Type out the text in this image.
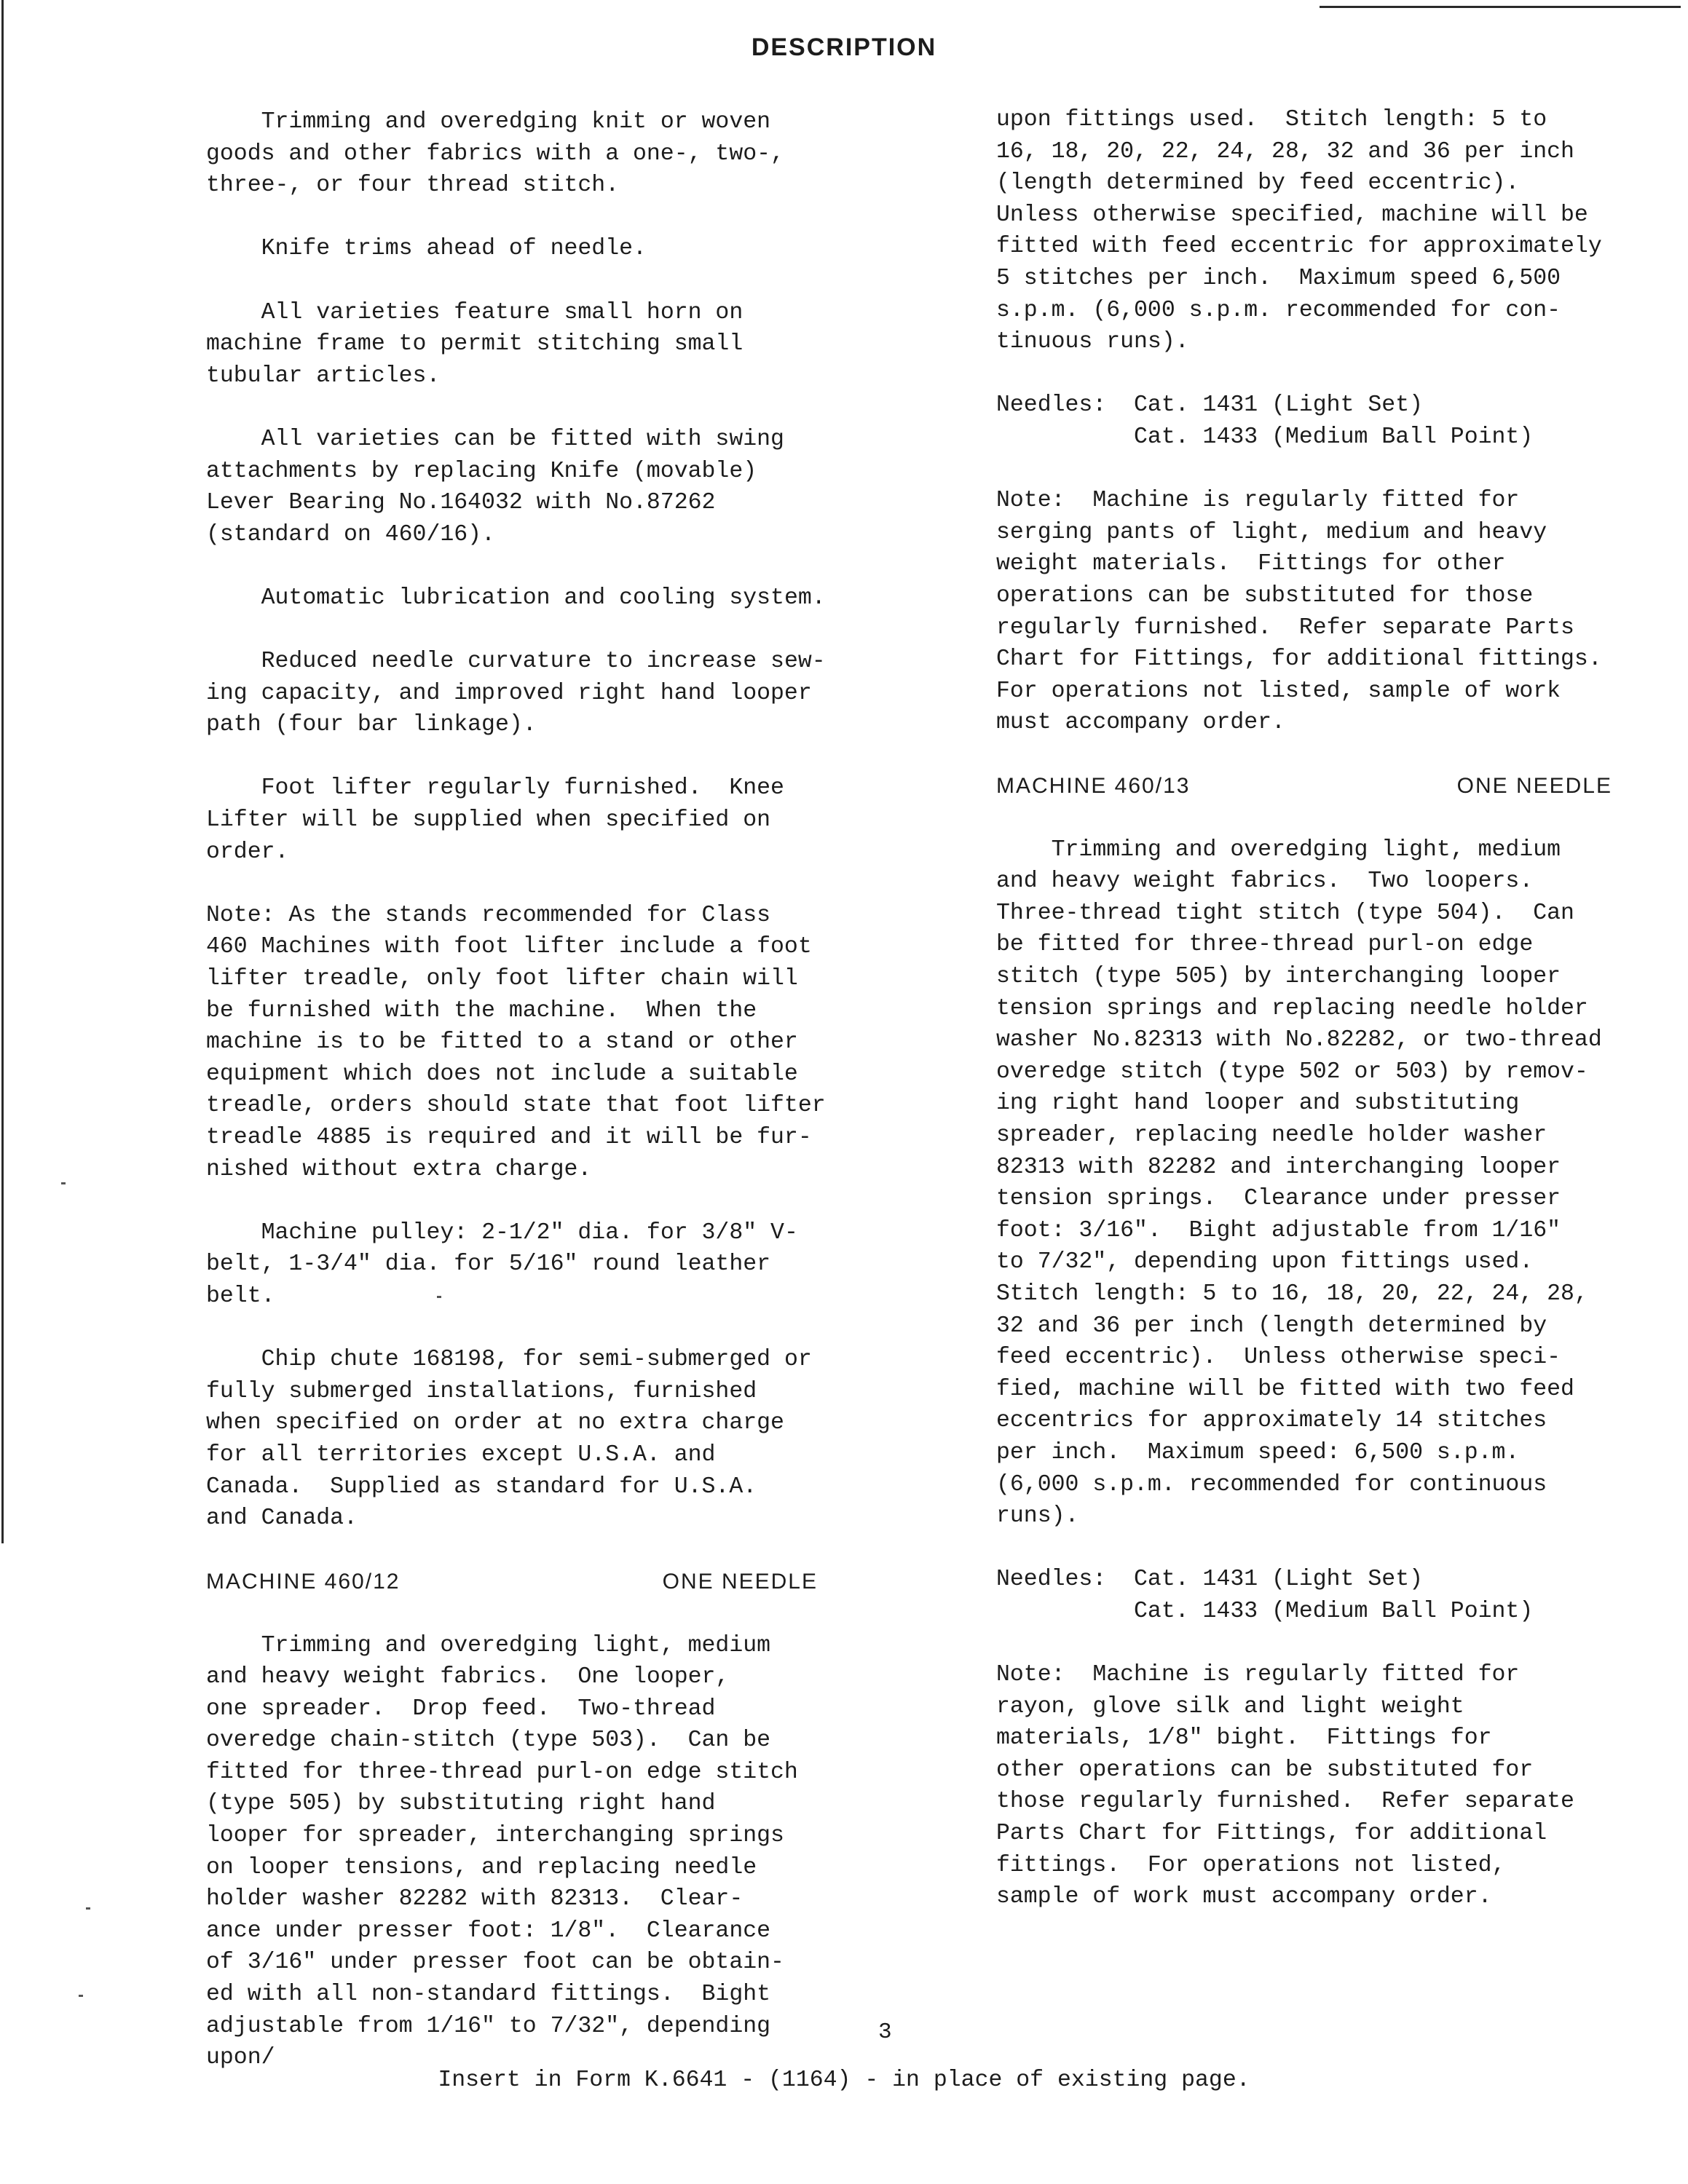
DESCRIPTION

Trimming and overedging knit or woven
goods and other fabrics with a one-, two-,
three-, or four thread stitch.

Knife trims ahead of needle.

All varieties feature small horn on
machine frame to permit stitching small
tubular articles.

All varieties can be fitted with swing
attachments by replacing Knife (movable)
Lever Bearing No.164032 with No.87262
(standard on 460/16).

Automatic lubrication and cooling system.

Reduced needle curvature to increase sew-
ing capacity, and improved right hand looper
path (four bar linkage).

Foot lifter regularly furnished.  Knee
Lifter will be supplied when specified on
order.

Note: As the stands recommended for Class
460 Machines with foot lifter include a foot
lifter treadle, only foot lifter chain will
be furnished with the machine.  When the
machine is to be fitted to a stand or other
equipment which does not include a suitable
treadle, orders should state that foot lifter
treadle 4885 is required and it will be fur-
nished without extra charge.

Machine pulley: 2-1/2" dia. for 3/8" V-
belt, 1-3/4" dia. for 5/16" round leather
belt.

Chip chute 168198, for semi-submerged or
fully submerged installations, furnished
when specified on order at no extra charge
for all territories except U.S.A. and
Canada.  Supplied as standard for U.S.A.
and Canada.

MACHINE 460/12	ONE NEEDLE

Trimming and overedging light, medium
and heavy weight fabrics.  One looper,
one spreader.  Drop feed.  Two-thread
overedge chain-stitch (type 503).  Can be
fitted for three-thread purl-on edge stitch
(type 505) by substituting right hand
looper for spreader, interchanging springs
on looper tensions, and replacing needle
holder washer 82282 with 82313.  Clear-
ance under presser foot: 1/8".  Clearance
of 3/16" under presser foot can be obtain-
ed with all non-standard fittings.  Bight
adjustable from 1/16" to 7/32", depending
upon/

upon fittings used.  Stitch length: 5 to
16, 18, 20, 22, 24, 28, 32 and 36 per inch
(length determined by feed eccentric).
Unless otherwise specified, machine will be
fitted with feed eccentric for approximately
5 stitches per inch.  Maximum speed 6,500
s.p.m. (6,000 s.p.m. recommended for con-
tinuous runs).

Needles:  Cat. 1431 (Light Set)
Cat. 1433 (Medium Ball Point)

Note:  Machine is regularly fitted for
serging pants of light, medium and heavy
weight materials.  Fittings for other
operations can be substituted for those
regularly furnished.  Refer separate Parts
Chart for Fittings, for additional fittings.
For operations not listed, sample of work
must accompany order.

MACHINE 460/13	ONE NEEDLE

Trimming and overedging light, medium
and heavy weight fabrics.  Two loopers.
Three-thread tight stitch (type 504).  Can
be fitted for three-thread purl-on edge
stitch (type 505) by interchanging looper
tension springs and replacing needle holder
washer No.82313 with No.82282, or two-thread
overedge stitch (type 502 or 503) by remov-
ing right hand looper and substituting
spreader, replacing needle holder washer
82313 with 82282 and interchanging looper
tension springs.  Clearance under presser
foot: 3/16".  Bight adjustable from 1/16"
to 7/32", depending upon fittings used.
Stitch length: 5 to 16, 18, 20, 22, 24, 28,
32 and 36 per inch (length determined by
feed eccentric).  Unless otherwise speci-
fied, machine will be fitted with two feed
eccentrics for approximately 14 stitches
per inch.  Maximum speed: 6,500 s.p.m.
(6,000 s.p.m. recommended for continuous
runs).

Needles:  Cat. 1431 (Light Set)
Cat. 1433 (Medium Ball Point)

Note:  Machine is regularly fitted for
rayon, glove silk and light weight
materials, 1/8" bight.  Fittings for
other operations can be substituted for
those regularly furnished.  Refer separate
Parts Chart for Fittings, for additional
fittings.  For operations not listed,
sample of work must accompany order.

3
Insert in Form K.6641 - (1164) - in place of existing page.
